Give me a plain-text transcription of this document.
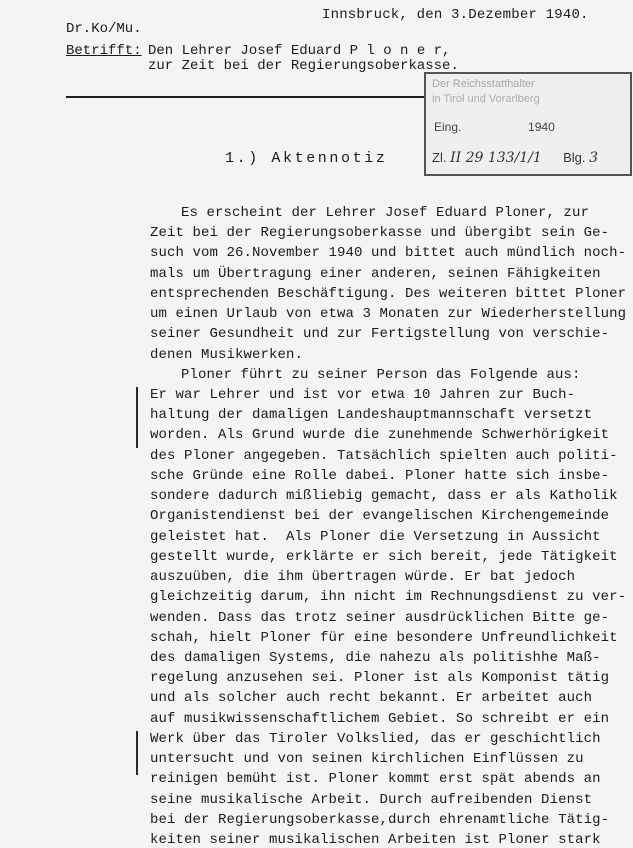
Innsbruck, den 3.Dezember 1940.
Dr.Ko/Mu.
Betrifft: Den Lehrer Josef Eduard P l o n e r,
zur Zeit bei der Regierungsoberkasse.
Der Reichsstatthalter
in Tirol und Vorarlberg
Eing.	1940
Zl. II 29 133/1/1 Blg. 3
1.) Aktennotiz
Es erscheint der Lehrer Josef Eduard Ploner, zur
Zeit bei der Regierungsoberkasse und übergibt sein Ge-
such vom 26.November 1940 und bittet auch mündlich noch-
mals um Übertragung einer anderen, seinen Fähigkeiten
entsprechenden Beschäftigung. Des weiteren bittet Ploner
um einen Urlaub von etwa 3 Monaten zur Wiederherstellung
seiner Gesundheit und zur Fertigstellung von verschie-
denen Musikwerken.
Ploner führt zu seiner Person das Folgende aus:
Er war Lehrer und ist vor etwa 10 Jahren zur Buch-
haltung der damaligen Landeshauptmannschaft versetzt
worden. Als Grund wurde die zunehmende Schwerhörigkeit
des Ploner angegeben. Tatsächlich spielten auch politi-
sche Gründe eine Rolle dabei. Ploner hatte sich insbe-
sondere dadurch mißliebig gemacht, dass er als Katholik
Organistendienst bei der evangelischen Kirchengemeinde
geleistet hat.  Als Ploner die Versetzung in Aussicht
gestellt wurde, erklärte er sich bereit, jede Tätigkeit
auszuüben, die ihm übertragen würde. Er bat jedoch
gleichzeitig darum, ihn nicht im Rechnungsdienst zu ver-
wenden. Dass das trotz seiner ausdrücklichen Bitte ge-
schah, hielt Ploner für eine besondere Unfreundlichkeit
des damaligen Systems, die nahezu als politishhe Maß-
regelung anzusehen sei. Ploner ist als Komponist tätig
und als solcher auch recht bekannt. Er arbeitet auch
auf musikwissenschaftlichem Gebiet. So schreibt er ein
Werk über das Tiroler Volkslied, das er geschichtlich
untersucht und von seinen kirchlichen Einflüssen zu
reinigen bemüht ist. Ploner kommt erst spät abends an
seine musikalische Arbeit. Durch aufreibenden Dienst
bei der Regierungsoberkasse,durch ehrenamtliche Tätig-
keiten seiner musikalischen Arbeiten ist Ploner stark
